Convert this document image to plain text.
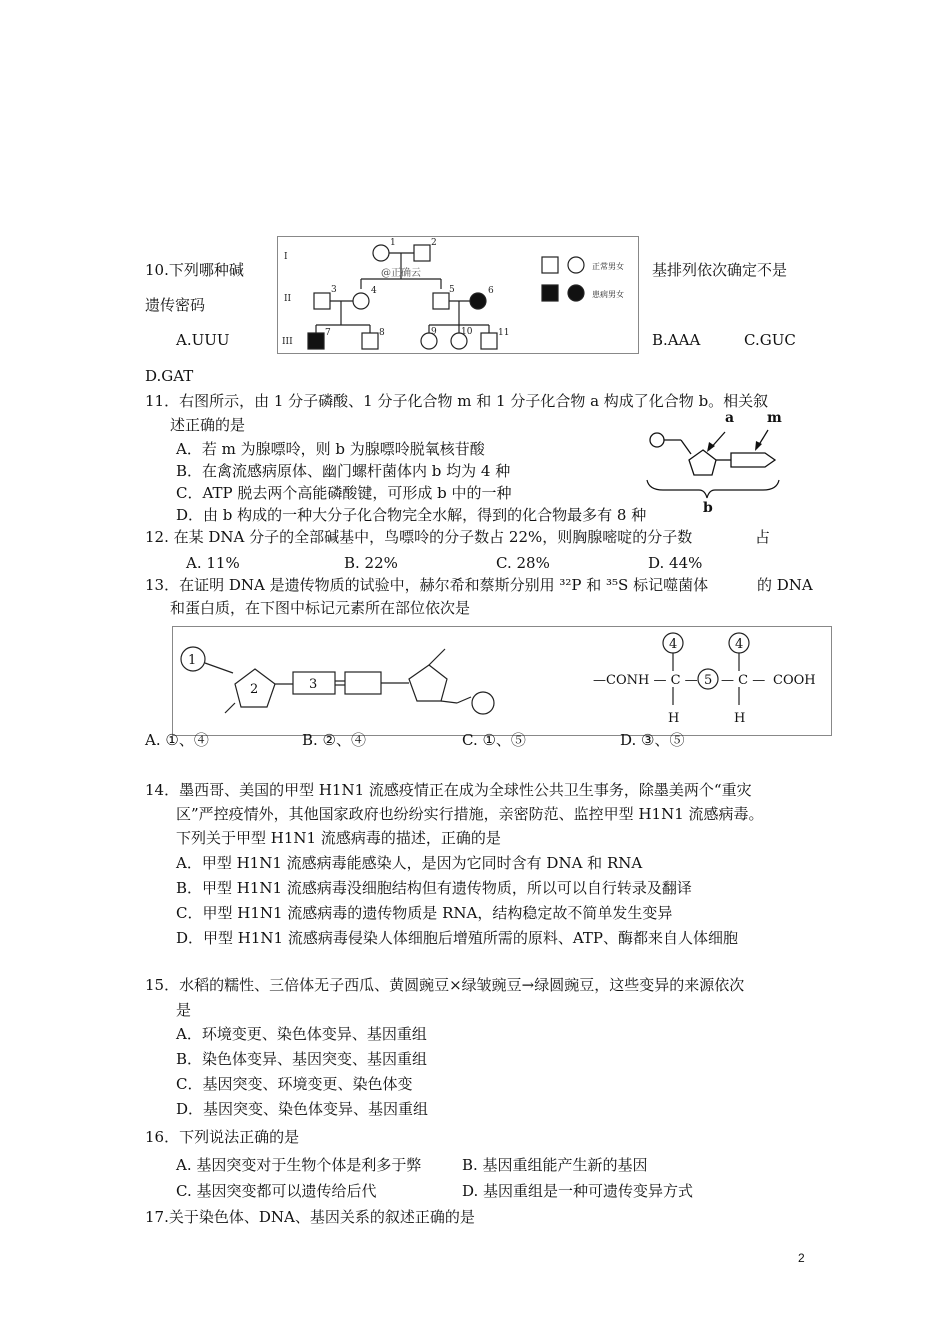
10.下列哪种碱	基排列依次确定不是
遗传密码
A.UUU	B.AAA	C.GUC
D.GAT
I
II
III
1	2
@正确云
3	4	5	6
7	8	9	10	11
正常男女
患病男女
11．右图所示，由 1 分子磷酸、1 分子化合物 m 和 1 分子化合物 a 构成了化合物 b。相关叙
述正确的是
A．若 m 为腺嘌呤，则 b 为腺嘌呤脱氧核苷酸
B．在禽流感病原体、幽门螺杆菌体内 b 均为 4 种
C．ATP 脱去两个高能磷酸键，可形成 b 中的一种
D．由 b 构成的一种大分子化合物完全水解，得到的化合物最多有 8 种
a m
b
12. 在某 DNA 分子的全部碱基中，鸟嘌呤的分子数占 22%，则胸腺嘧啶的分子数	占
A. 11%	B. 22%	C. 28%	D. 44%
13．在证明 DNA 是遗传物质的试验中，赫尔希和蔡斯分别用 ³²P 和 ³⁵S 标记噬菌体	的 DNA
和蛋白质，在下图中标记元素所在部位依次是
1
2	3
4	4
5
—CONH — C — — C — COOH
H	H
A. ①、④	B. ②、④	C. ①、⑤	D. ③、⑤
14．墨西哥、美国的甲型 H1N1 流感疫情正在成为全球性公共卫生事务，除墨美两个“重灾
区”严控疫情外，其他国家政府也纷纷实行措施，亲密防范、监控甲型 H1N1 流感病毒。
下列关于甲型 H1N1 流感病毒的描述，正确的是
A．甲型 H1N1 流感病毒能感染人，是因为它同时含有 DNA 和 RNA
B．甲型 H1N1 流感病毒没细胞结构但有遗传物质，所以可以自行转录及翻译
C．甲型 H1N1 流感病毒的遗传物质是 RNA，结构稳定故不简单发生变异
D．甲型 H1N1 流感病毒侵染人体细胞后增殖所需的原料、ATP、酶都来自人体细胞
15．水稻的糯性、三倍体无子西瓜、黄圆豌豆×绿皱豌豆→绿圆豌豆，这些变异的来源依次
是
A．环境变更、染色体变异、基因重组
B．染色体变异、基因突变、基因重组
C．基因突变、环境变更、染色体变
D．基因突变、染色体变异、基因重组
16．下列说法正确的是
A. 基因突变对于生物个体是利多于弊	B. 基因重组能产生新的基因
C. 基因突变都可以遗传给后代	D. 基因重组是一种可遗传变异方式
17.关于染色体、DNA、基因关系的叙述正确的是
2
